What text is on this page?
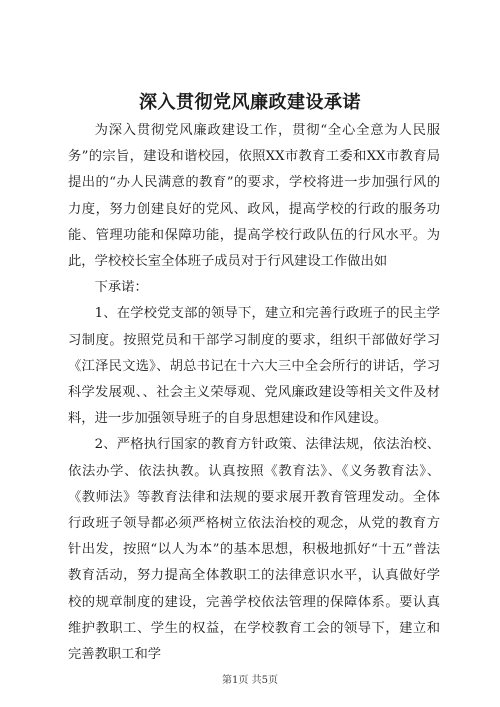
深入贯彻党风廉政建设承诺

为深入贯彻党风廉政建设工作，贯彻“全心全意为人民服务”的宗旨，建设和谐校园，依照XX市教育工委和XX市教育局提出的“办人民满意的教育”的要求，学校将进一步加强行风的力度，努力创建良好的党风、政风，提高学校的行政的服务功能、管理功能和保障功能，提高学校行政队伍的行风水平。为此，学校校长室全体班子成员对于行风建设工作做出如

下承诺：

1、在学校党支部的领导下，建立和完善行政班子的民主学习制度。按照党员和干部学习制度的要求，组织干部做好学习《江泽民文选》、胡总书记在十六大三中全会所行的讲话，学习科学发展观、、社会主义荣辱观、党风廉政建设等相关文件及材料，进一步加强领导班子的自身思想建设和作风建设。

2、严格执行国家的教育方针政策、法律法规，依法治校、依法办学、依法执教。认真按照《教育法》、《义务教育法》、《教师法》等教育法律和法规的要求展开教育管理发动。全体行政班子领导都必须严格树立依法治校的观念，从党的教育方针出发，按照“以人为本”的基本思想，积极地抓好“十五”普法教育活动，努力提高全体教职工的法律意识水平，认真做好学校的规章制度的建设，完善学校依法管理的保障体系。要认真维护教职工、学生的权益，在学校教育工会的领导下，建立和完善教职工和学

第1页 共5页
